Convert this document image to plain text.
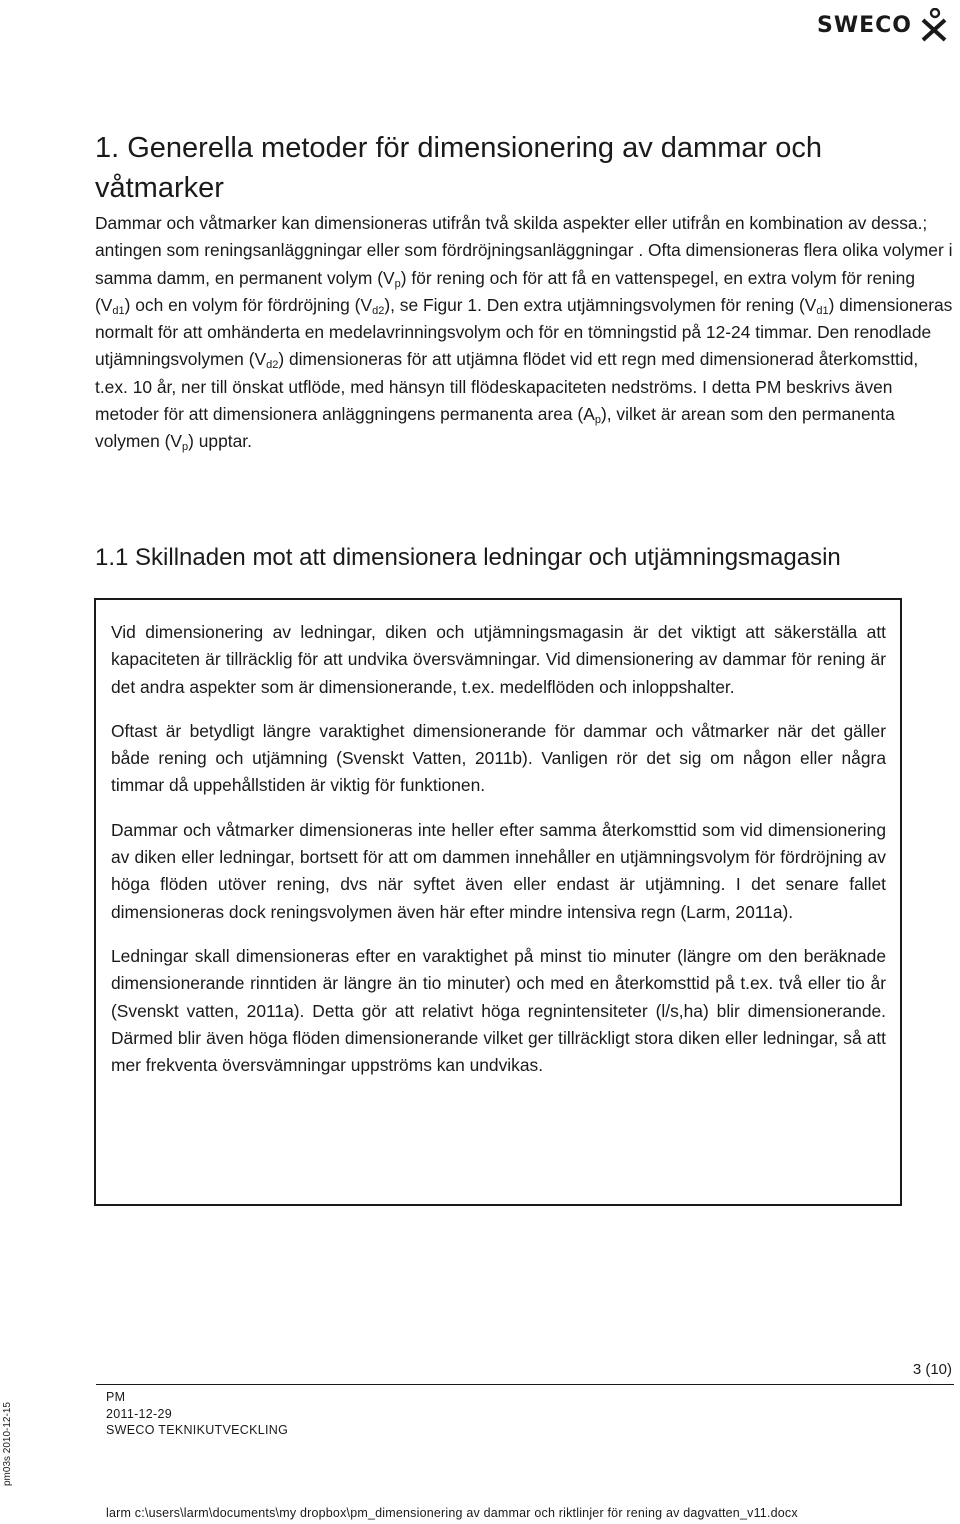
SWECO
1. Generella metoder för dimensionering av dammar och våtmarker

Dammar och våtmarker kan dimensioneras utifrån två skilda aspekter eller utifrån en kombination av dessa.; antingen som reningsanläggningar eller som fördröjningsanläggningar . Ofta dimensioneras flera olika volymer i samma damm, en permanent volym $(V_p)$ för rening och för att få en vattenspegel, en extra volym för rening $(V_{d1})$ och en volym för fördröjning $(V_{d2})$, se Figur 1. Den extra utjämningsvolymen för rening $(V_{d1})$ dimensioneras normalt för att omhänderta en medelavrinningsvolym och för en tömningstid på 12-24 timmar. Den renodlade utjämningsvolymen $(V_{d2})$ dimensioneras för att utjämna flödet vid ett regn med dimensionerad återkomsttid, t.ex. 10 år, ner till önskat utflöde, med hänsyn till flödeskapaciteten nedströms. I detta PM beskrivs även metoder för att dimensionera anläggningens permanenta area $(A_p)$, vilket är arean som den permanenta volymen $(V_p)$ upptar.

1.1 Skillnaden mot att dimensionera ledningar och utjämningsmagasin

Vid dimensionering av ledningar, diken och utjämningsmagasin är det viktigt att säkerställa att kapaciteten är tillräcklig för att undvika översvämningar. Vid dimensionering av dammar för rening är det andra aspekter som är dimensionerande, t.ex. medelflöden och inloppshalter.

Oftast är betydligt längre varaktighet dimensionerande för dammar och våtmarker när det gäller både rening och utjämning (Svenskt Vatten, 2011b). Vanligen rör det sig om någon eller några timmar då uppehållstiden är viktig för funktionen.

Dammar och våtmarker dimensioneras inte heller efter samma återkomsttid som vid dimensionering av diken eller ledningar, bortsett för att om dammen innehåller en utjämningsvolym för fördröjning av höga flöden utöver rening, dvs när syftet även eller endast är utjämning. I det senare fallet dimensioneras dock reningsvolymen även här efter mindre intensiva regn (Larm, 2011a).

Ledningar skall dimensioneras efter en varaktighet på minst tio minuter (längre om den beräknade dimensionerande rinntiden är längre än tio minuter) och med en återkomsttid på t.ex. två eller tio år (Svenskt vatten, 2011a). Detta gör att relativt höga regnintensiteter (l/s,ha) blir dimensionerande. Därmed blir även höga flöden dimensionerande vilket ger tillräckligt stora diken eller ledningar, så att mer frekventa översvämningar uppströms kan undvikas.

3 (10)
PM
2011-12-29
SWECO TEKNIKUTVECKLING
pm03s 2010-12-15
larm c:\users\larm\documents\my dropbox\pm_dimensionering av dammar och riktlinjer för rening av dagvatten_v11.docx
